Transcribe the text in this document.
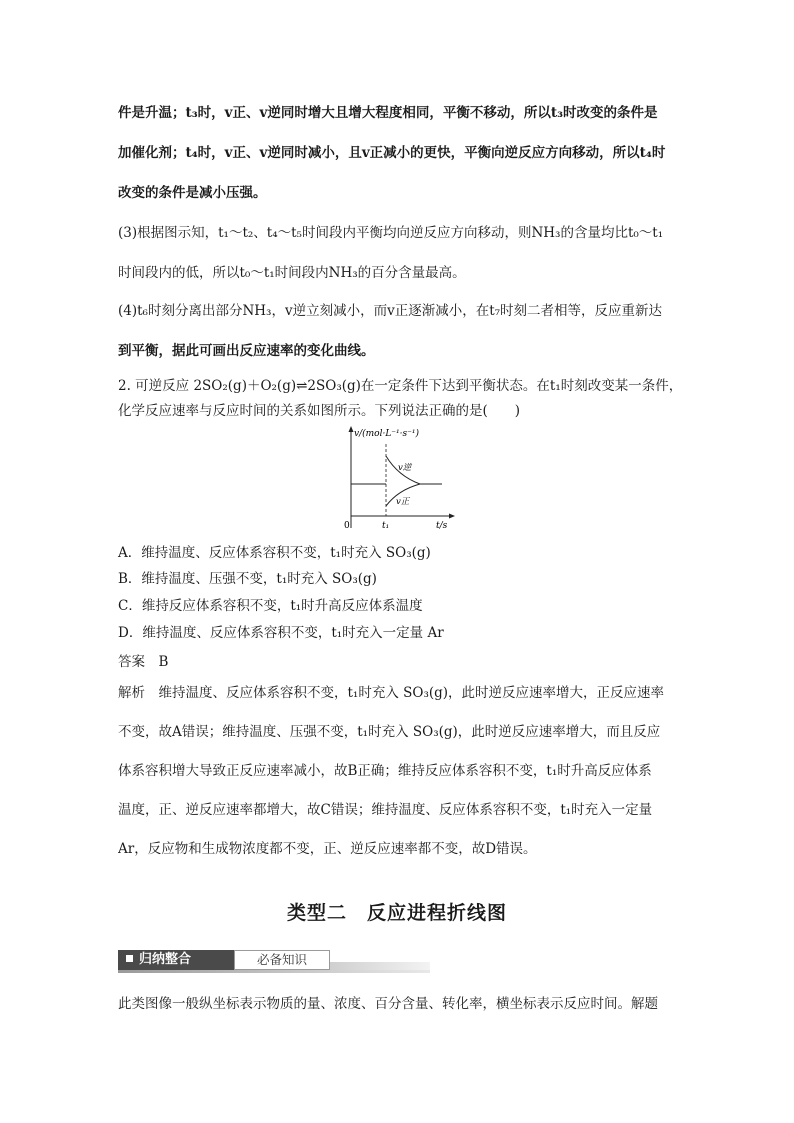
件是升温；t₃时，v正、v逆同时增大且增大程度相同，平衡不移动，所以t₃时改变的条件是
加催化剂；t₄时，v正、v逆同时减小，且v正减小的更快，平衡向逆反应方向移动，所以t₄时
改变的条件是减小压强。
(3)根据图示知，t₁～t₂、t₄～t₅时间段内平衡均向逆反应方向移动，则NH₃的含量均比t₀～t₁
时间段内的低，所以t₀～t₁时间段内NH₃的百分含量最高。
(4)t₆时刻分离出部分NH₃，v逆立刻减小，而v正逐渐减小，在t₇时刻二者相等，反应重新达
到平衡，据此可画出反应速率的变化曲线。
2. 可逆反应 2SO₂(g)＋O₂(g)⇌2SO₃(g)在一定条件下达到平衡状态。在t₁时刻改变某一条件，
化学反应速率与反应时间的关系如图所示。下列说法正确的是(　　)
v/(mol·L⁻¹·s⁻¹)
0	t₁	t/s
v逆
v正
A．维持温度、反应体系容积不变，t₁时充入 SO₃(g)
B．维持温度、压强不变，t₁时充入 SO₃(g)
C．维持反应体系容积不变，t₁时升高反应体系温度
D．维持温度、反应体系容积不变，t₁时充入一定量 Ar
答案　B
解析　维持温度、反应体系容积不变，t₁时充入 SO₃(g)，此时逆反应速率增大，正反应速率
不变，故A错误；维持温度、压强不变，t₁时充入 SO₃(g)，此时逆反应速率增大，而且反应
体系容积增大导致正反应速率减小，故B正确；维持反应体系容积不变，t₁时升高反应体系
温度，正、逆反应速率都增大，故C错误；维持温度、反应体系容积不变，t₁时充入一定量
Ar，反应物和生成物浓度都不变，正、逆反应速率都不变，故D错误。
类型二　反应进程折线图
归纳整合	必备知识
此类图像一般纵坐标表示物质的量、浓度、百分含量、转化率，横坐标表示反应时间。解题
